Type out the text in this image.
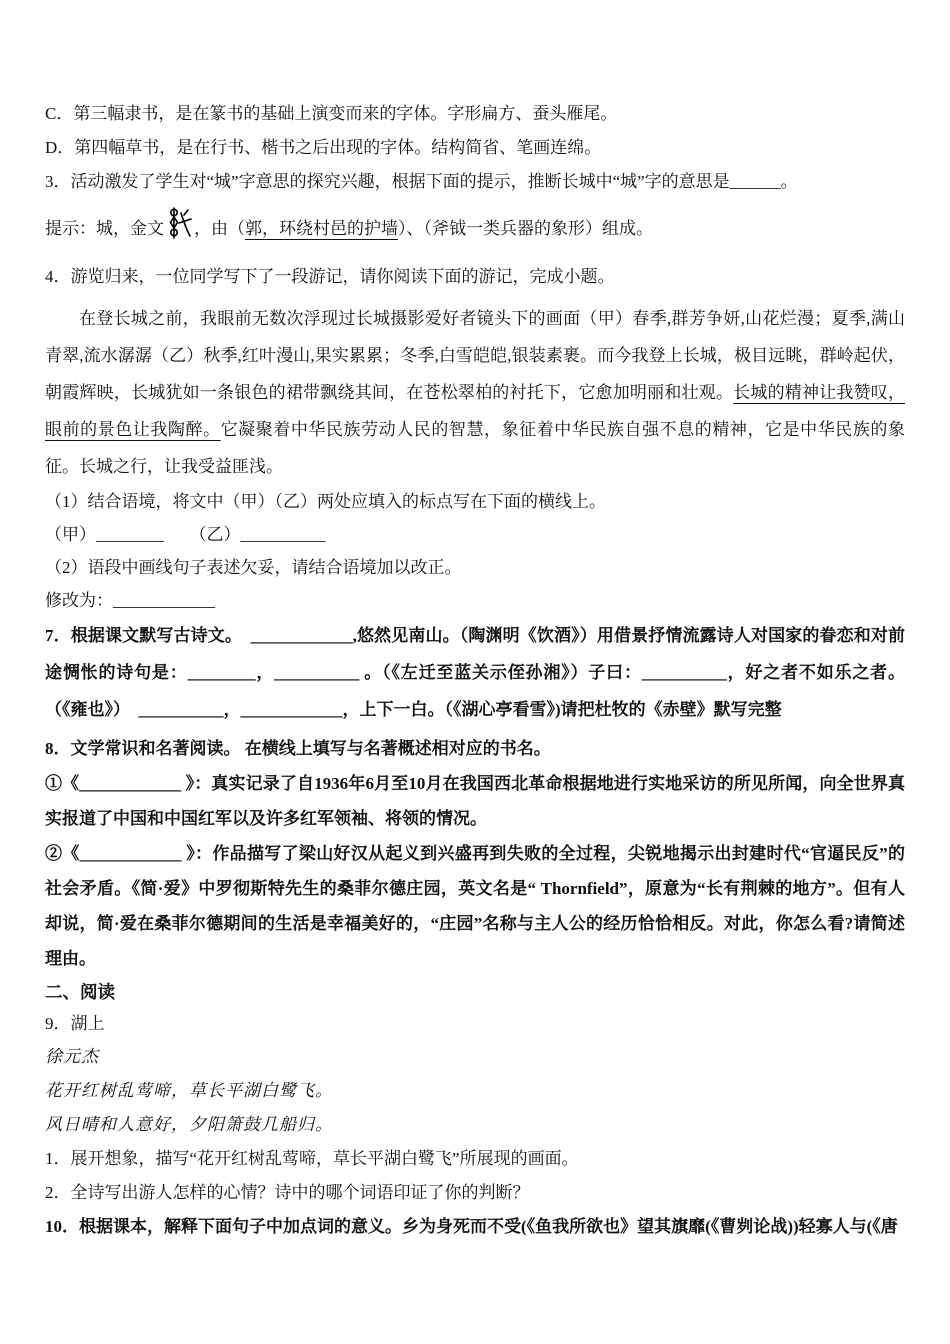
C．第三幅隶书，是在篆书的基础上演变而来的字体。字形扁方、蚕头雁尾。

D．第四幅草书，是在行书、楷书之后出现的字体。结构简省、笔画连绵。

3．活动激发了学生对“城”字意思的探究兴趣，根据下面的提示，推断长城中“城”字的意思是______。

提示：城，金文 ，由（郭，环绕村邑的护墙）、（斧钺一类兵器的象形）组成。

4．游览归来，一位同学写下了一段游记，请你阅读下面的游记，完成小题。

在登长城之前，我眼前无数次浮现过长城摄影爱好者镜头下的画面（甲）春季,群芳争妍,山花烂漫；夏季,满山青翠,流水潺潺（乙）秋季,红叶漫山,果实累累；冬季,白雪皑皑,银装素裹。而今我登上长城，极目远眺，群岭起伏，朝霞辉映，长城犹如一条银色的裙带飘绕其间，在苍松翠柏的衬托下，它愈加明丽和壮观。长城的精神让我赞叹，眼前的景色让我陶醉。它凝聚着中华民族劳动人民的智慧，象征着中华民族自强不息的精神，它是中华民族的象征。长城之行，让我受益匪浅。

（1）结合语境，将文中（甲）（乙）两处应填入的标点写在下面的横线上。

（甲）________　　（乙）__________

（2）语段中画线句子表述欠妥，请结合语境加以改正。

修改为：____________

7．根据课文默写古诗文。　____________,悠然见南山。（陶渊明《饮酒》）用借景抒情流露诗人对国家的眷恋和对前途惆怅的诗句是：________，__________ 。（《左迁至蓝关示侄孙湘》）子曰：__________，好之者不如乐之者。（《雍也》）　__________，____________，上下一白。（《湖心亭看雪》)请把杜牧的《赤壁》默写完整

8．文学常识和名著阅读。 在横线上填写与名著概述相对应的书名。

①《____________ 》：真实记录了自1936年6月至10月在我国西北革命根据地进行实地采访的所见所闻，向全世界真实报道了中国和中国红军以及许多红军领袖、将领的情况。

②《____________ 》：作品描写了梁山好汉从起义到兴盛再到失败的全过程，尖锐地揭示出封建时代“官逼民反”的社会矛盾。《简·爱》中罗彻斯特先生的桑菲尔德庄园，英文名是“ Thornfield”，原意为“长有荆棘的地方”。但有人却说，简·爱在桑菲尔德期间的生活是幸福美好的，“庄园”名称与主人公的经历恰恰相反。对此，你怎么看?请简述理由。

二、阅读

9．湖上

徐元杰

花开红树乱莺啼，草长平湖白鹭飞。

风日晴和人意好，夕阳箫鼓几船归。

1．展开想象，描写“花开红树乱莺啼，草长平湖白鹭飞”所展现的画面。

2．全诗写出游人怎样的心情？诗中的哪个词语印证了你的判断？

10．根据课本，解释下面句子中加点词的意义。乡为身死而不受(《鱼我所欲也》望其旗靡(《曹刿论战))轻寡人与(《唐
